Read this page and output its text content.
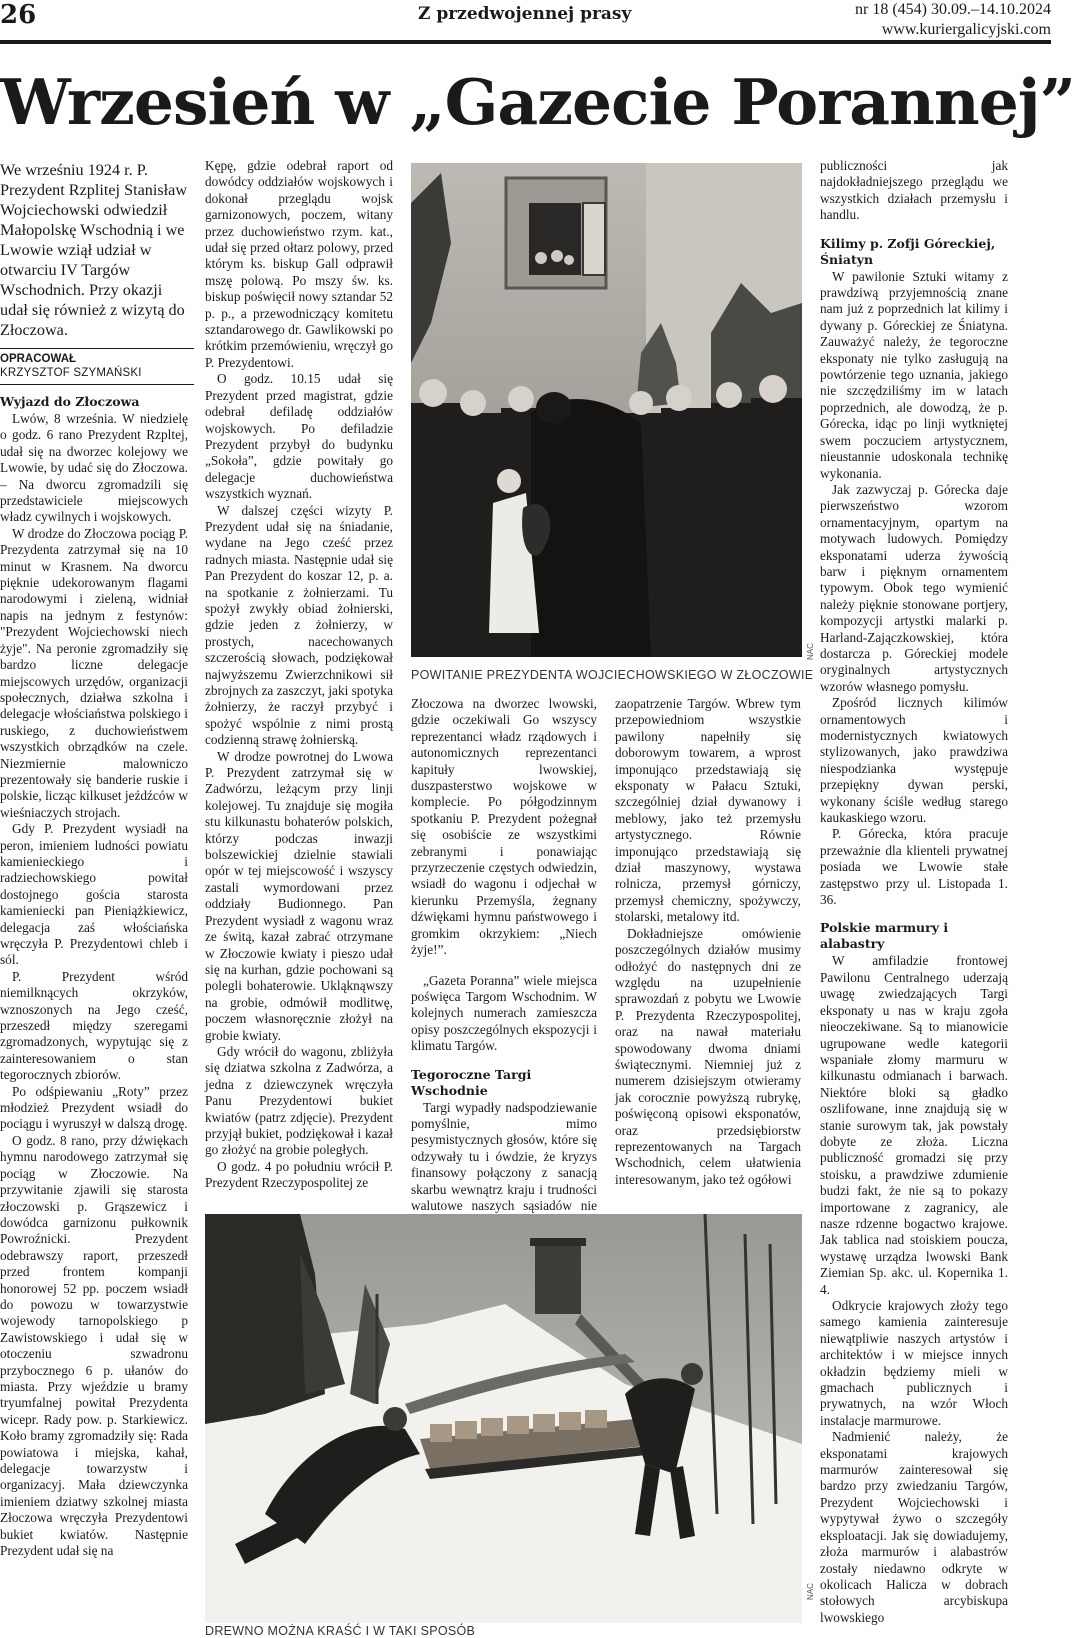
26	Z przedwojennej prasy	nr 18 (454) 30.09.–14.10.2024
www.kuriergalicyjski.com
Wrzesień w „Gazecie Porannej”
We wrześniu 1924 r. P. Prezydent Rzplitej Stanisław Wojciechowski odwiedził Małopolskę Wschodnią i we Lwowie wziął udział w otwarciu IV Targów Wschodnich. Przy okazji udał się również z wizytą do Złoczowa.
OPRACOWAŁ
KRZYSZTOF SZYMAŃSKI
Wyjazd do Złoczowa

Lwów, 8 września. W niedzielę o godz. 6 rano Prezydent Rzpltej, udał się na dworzec kolejowy we Lwowie, by udać się do Złoczowa. – Na dworcu zgromadzili się przedstawiciele miejscowych władz cywilnych i wojskowych.

W drodze do Złoczowa pociąg P. Prezydenta zatrzymał się na 10 minut w Krasnem. Na dworcu pięknie udekorowanym flagami narodowymi i zieleną, widniał napis na jednym z festynów: "Prezydent Wojciechowski niech żyje". Na peronie zgromadziły się bardzo liczne delegacje miejscowych urzędów, organizacji społecznych, działwa szkolna i delegacje włościaństwa polskiego i ruskiego, z duchowieństwem wszystkich obrządków na czele. Niezmiernie malowniczo prezentowały się banderie ruskie i polskie, licząc kilkuset jeźdźców w wieśniaczych strojach.

Gdy P. Prezydent wysiadł na peron, imieniem ludności powiatu kamienieckiego i radziechowskiego powitał dostojnego gościa starosta kamieniecki pan Pieniążkiewicz, delegacja zaś włościańska wręczyła P. Prezydentowi chleb i sól.

P. Prezydent wśród niemilknących okrzyków, wznoszonych na Jego cześć, przeszedł między szeregami zgromadzonych, wypytując się z zainteresowaniem o stan tegorocznych zbiorów.

Po odśpiewaniu „Roty” przez młodzież Prezydent wsiadł do pociągu i wyruszył w dalszą drogę.

O godz. 8 rano, przy dźwiękach hymnu narodowego zatrzymał się pociąg w Złoczowie. Na przywitanie zjawili się starosta złoczowski p. Grąszewicz i dowódca garnizonu pułkownik Powroźnicki. Prezydent odebrawszy raport, przeszedł przed frontem kompanji honorowej 52 pp. poczem wsiadł do powozu w towarzystwie wojewody tarnopolskiego p Zawistowskiego i udał się w otoczeniu szwadronu przybocznego 6 p. ułanów do miasta. Przy wjeździe u bramy tryumfalnej powitał Prezydenta wicepr. Rady pow. p. Starkiewicz. Koło bramy zgromadziły się: Rada powiatowa i miejska, kahał, delegacje towarzystw i organizacyj. Mała dziewczynka imieniem dziatwy szkolnej miasta Złoczowa wręczyła Prezydentowi bukiet kwiatów. Następnie Prezydent udał się na

Kępę, gdzie odebrał raport od dowódcy oddziałów wojskowych i dokonał przeglądu wojsk garnizonowych, poczem, witany przez duchowieństwo rzym. kat., udał się przed ołtarz polowy, przed którym ks. biskup Gall odprawił mszę polową. Po mszy św. ks. biskup poświęcił nowy sztandar 52 p. p., a przewodniczący komitetu sztandarowego dr. Gawlikowski po krótkim przemówieniu, wręczył go P. Prezydentowi.

O godz. 10.15 udał się Prezydent przed magistrat, gdzie odebrał defiladę oddziałów wojskowych. Po defiladzie Prezydent przybył do budynku „Sokoła”, gdzie powitały go delegacje duchowieństwa wszystkich wyznań.

W dalszej części wizyty P. Prezydent udał się na śniadanie, wydane na Jego cześć przez radnych miasta. Następnie udał się Pan Prezydent do koszar 12, p. a. na spotkanie z żołnierzami. Tu spożył zwykły obiad żołnierski, gdzie jeden z żołnierzy, w prostych, nacechowanych szczerością słowach, podziękował najwyższemu Zwierzchnikowi sił zbrojnych za zaszczyt, jaki spotyka żołnierzy, że raczył przybyć i spożyć wspólnie z nimi prostą codzienną strawę żołnierską.

W drodze powrotnej do Lwowa P. Prezydent zatrzymał się w Zadwórzu, leżącym przy linji kolejowej. Tu znajduje się mogiła stu kilkunastu bohaterów polskich, którzy podczas inwazji bolszewickiej dzielnie stawiali opór w tej miejscowość i wszyscy zastali wymordowani przez oddziały Budionnego. Pan Prezydent wysiadł z wagonu wraz ze świtą, kazał zabrać otrzymane w Złoczowie kwiaty i pieszo udał się na kurhan, gdzie pochowani są polegli bohaterowie. Ukląknąwszy na grobie, odmówił modlitwę, poczem własnoręcznie złożył na grobie kwiaty.

Gdy wrócił do wagonu, zbliżyła się dziatwa szkolna z Zadwórza, a jedna z dziewczynek wręczyła Panu Prezydentowi bukiet kwiatów (patrz zdjęcie). Prezydent przyjął bukiet, podziękował i kazał go złożyć na grobie poległych.

O godz. 4 po południu wrócił P. Prezydent Rzeczypospolitej ze

POWITANIE PREZYDENTA WOJCIECHOWSKIEGO W ZŁOCZOWIE
NAC

Złoczowa na dworzec lwowski, gdzie oczekiwali Go wszyscy reprezentanci władz rządowych i autonomicznych reprezentanci kapituły lwowskiej, duszpasterstwo wojskowe w komplecie. Po półgodzinnym spotkaniu P. Prezydent pożegnał się osobiście ze wszystkimi zebranymi i ponawiając przyrzeczenie częstych odwiedzin, wsiadł do wagonu i odjechał w kierunku Przemyśla, żegnany dźwiękami hymnu państwowego i gromkim okrzykiem: „Niech żyje!”.

„Gazeta Poranna” wiele miejsca poświęca Targom Wschodnim. W kolejnych numerach zamieszcza opisy poszczególnych ekspozycji i klimatu Targów.

Tegoroczne Targi Wschodnie

Targi wypadły nadspodziewanie pomyślnie, mimo pesymistycznych głosów, które się odzywały tu i ówdzie, że kryzys finansowy połączony z sanacją skarbu wewnątrz kraju i trudności walutowe naszych sąsiadów nie

zaopatrzenie Targów. Wbrew tym przepowiedniom wszystkie pawilony napełniły się doborowym towarem, a wprost imponująco przedstawiają się eksponaty w Pałacu Sztuki, szczególniej dział dywanowy i meblowy, jako też przemysłu artystycznego. Równie imponująco przedstawiają się dział maszynowy, wystawa rolnicza, przemysł górniczy, przemysł chemiczny, spożywczy, stolarski, metalowy itd.

Dokładniejsze omówienie poszczególnych działów musimy odłożyć do następnych dni ze względu na uzupełnienie sprawozdań z pobytu we Lwowie P. Prezydenta Rzeczypospolitej, oraz na nawał materiału spowodowany dwoma dniami świątecznymi. Niemniej już z numerem dzisiejszym otwieramy jak corocznie powyższą rubrykę, poświęconą opisowi eksponatów, oraz przedsiębiorstw reprezentowanych na Targach Wschodnich, celem ułatwienia interesowanym, jako też ogółowi

DREWNO MOŻNA KRAŚĆ I W TAKI SPOSÓB
NAC

publiczności jak najdokładniejszego przeglądu we wszystkich działach przemysłu i handlu.

Kilimy p. Zofji Góreckiej, Śniatyn

W pawilonie Sztuki witamy z prawdziwą przyjemnością znane nam już z poprzednich lat kilimy i dywany p. Góreckiej ze Śniatyna. Zauważyć należy, że tegoroczne eksponaty nie tylko zasługują na powtórzenie tego uznania, jakiego nie szczędziliśmy im w latach poprzednich, ale dowodzą, że p. Górecka, idąc po linji wytkniętej swem poczuciem artystycznem, nieustannie udoskonala technikę wykonania.

Jak zazwyczaj p. Górecka daje pierwszeństwo wzorom ornamentacyjnym, opartym na motywach ludowych. Pomiędzy eksponatami uderza żywością barw i pięknym ornamentem typowym. Obok tego wymienić należy pięknie stonowane portjery, kompozycji artystki malarki p. Harland-Zajączkowskiej, która dostarcza p. Góreckiej modele oryginalnych artystycznych wzorów własnego pomysłu.

Zpośród licznych kilimów ornamentowych i modernistycznych kwiatowych stylizowanych, jako prawdziwa niespodzianka występuje przepiękny dywan perski, wykonany ściśle według starego kaukaskiego wzoru.

P. Górecka, która pracuje przeważnie dla klienteli prywatnej posiada we Lwowie stałe zastępstwo przy ul. Listopada 1. 36.

Polskie marmury i alabastry

W amfiladzie frontowej Pawilonu Centralnego uderzają uwagę zwiedzających Targi eksponaty u nas w kraju zgoła nieoczekiwane. Są to mianowicie ugrupowane wedle kategorii wspaniałe złomy marmuru w kilkunastu odmianach i barwach. Niektóre bloki są gładko oszlifowane, inne znajdują się w stanie surowym tak, jak powstały dobyte ze złoża. Liczna publiczność gromadzi się przy stoisku, a prawdziwe zdumienie budzi fakt, że nie są to pokazy importowane z zagranicy, ale nasze rdzenne bogactwo krajowe. Jak tablica nad stoiskiem poucza, wystawę urządza lwowski Bank Ziemian Sp. akc. ul. Kopernika 1. 4.

Odkrycie krajowych złoży tego samego kamienia zainteresuje niewątpliwie naszych artystów i architektów i w miejsce innych okładzin będziemy mieli w gmachach publicznych i prywatnych, na wzór Włoch instalacje marmurowe.

Nadmienić należy, że eksponatami krajowych marmurów zainteresował się bardzo przy zwiedzaniu Targów, Prezydent Wojciechowski i wypytywał żywo o szczegóły eksploatacji. Jak się dowiadujemy, złoża marmurów i alabastrów zostały niedawno odkryte w okolicach Halicza w dobrach stołowych arcybiskupa lwowskiego
